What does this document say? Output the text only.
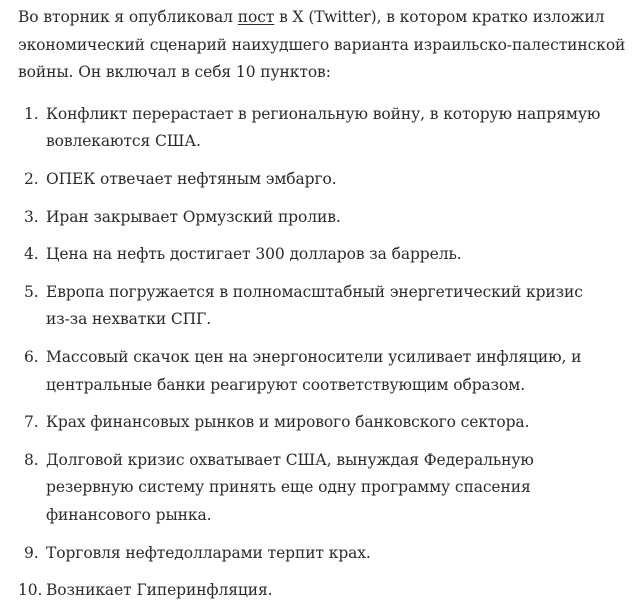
Во вторник я опубликовал пост в X (Twitter), в котором кратко изложил экономический сценарий наихудшего варианта израильско-палестинской войны. Он включал в себя 10 пунктов:

1. Конфликт перерастает в региональную войну, в которую напрямую вовлекаются США.
2. ОПЕК отвечает нефтяным эмбарго.
3. Иран закрывает Ормузский пролив.
4. Цена на нефть достигает 300 долларов за баррель.
5. Европа погружается в полномасштабный энергетический кризис из-за нехватки СПГ.
6. Массовый скачок цен на энергоносители усиливает инфляцию, и центральные банки реагируют соответствующим образом.
7. Крах финансовых рынков и мирового банковского сектора.
8. Долговой кризис охватывает США, вынуждая Федеральную резервную систему принять еще одну программу спасения финансового рынка.
9. Торговля нефтедолларами терпит крах.
10. Возникает Гиперинфляция.
